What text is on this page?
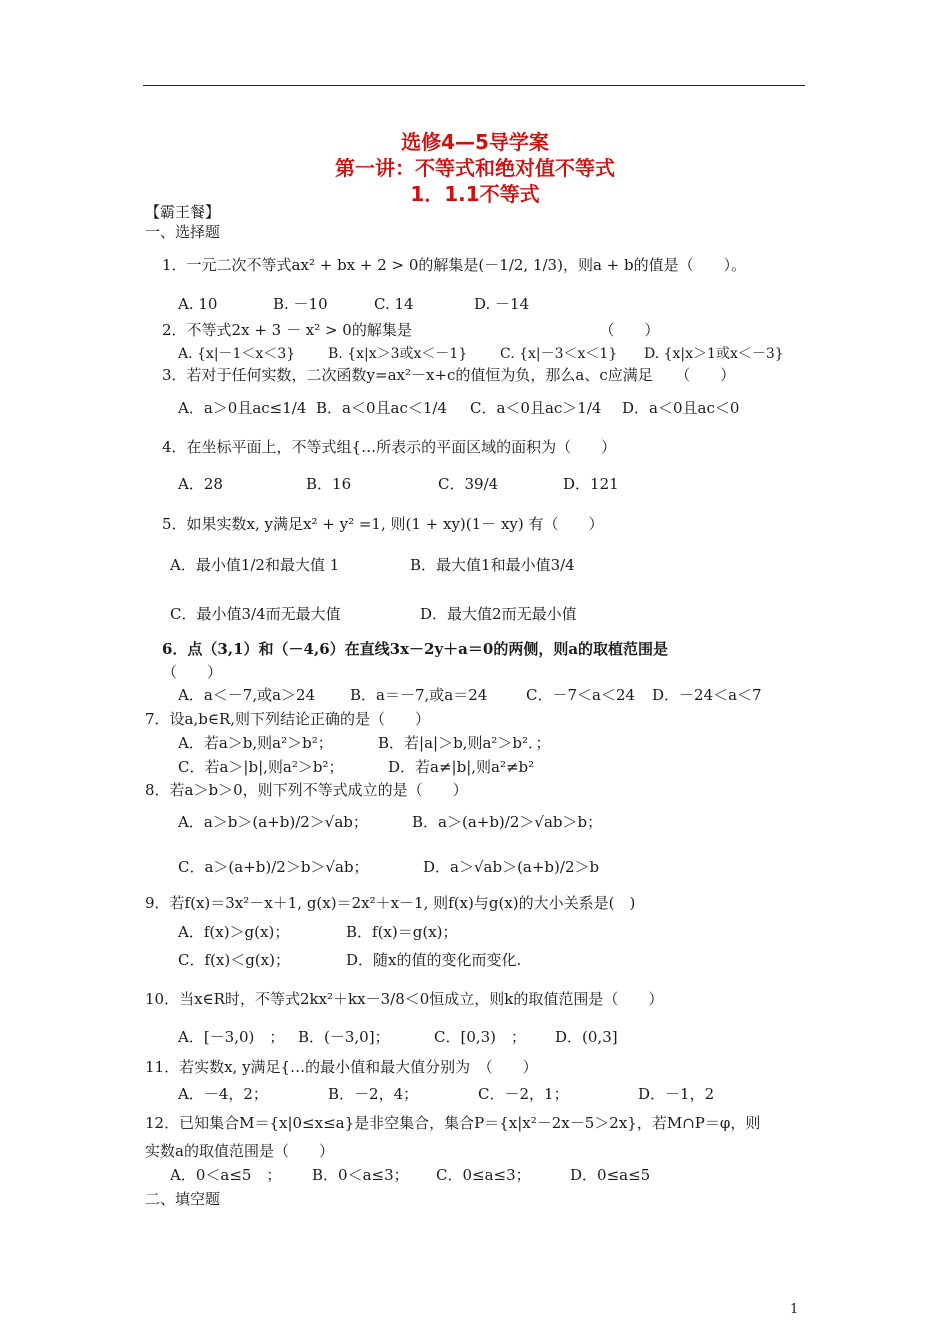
选修4—5导学案
第一讲：不等式和绝对值不等式
1．1.1不等式
【霸王餐】
一、选择题
1．一元二次不等式ax² + bx + 2 > 0的解集是(－1/2, 1/3)，则a + b的值是（　　）。
A. 10	B. －10	C. 14	D. －14
2．不等式2x + 3 － x² > 0的解集是　　　　　　　　　　　　　（　　）
A. {x|－1＜x＜3} B. {x|x＞3或x＜－1} C. {x|－3＜x＜1} D. {x|x＞1或x＜－3}
3．若对于任何实数，二次函数y=ax²－x+c的值恒为负，那么a、c应满足　　（　　）
A．a＞0且ac≤1/4 B．a＜0且ac＜1/4 C．a＜0且ac＞1/4 D．a＜0且ac＜0
4．在坐标平面上，不等式组{…所表示的平面区域的面积为（　　）
A．28	B．16	C．39/4	D．121
5．如果实数x, y满足x² + y² =1, 则(1 + xy)(1－ xy) 有（　　）
A．最小值1/2和最大值 1	B．最大值1和最小值3/4
C．最小值3/4而无最大值	D．最大值2而无最小值
6．点（3,1）和（－4,6）在直线3x－2y＋a＝0的两侧，则a的取植范围是
（　　）
A．a＜－7,或a＞24 B．a＝－7,或a＝24	C．－7＜a＜24 D．－24＜a＜7
7．设a,b∈R,则下列结论正确的是（　　）
A．若a＞b,则a²＞b²；	B．若|a|＞b,则a²＞b²．；
C．若a＞|b|,则a²＞b²；	D．若a≠|b|,则a²≠b²
8．若a＞b＞0，则下列不等式成立的是（　　）
A．a＞b＞(a+b)/2＞√ab；	B．a＞(a+b)/2＞√ab＞b；
C．a＞(a+b)/2＞b＞√ab；	D．a＞√ab＞(a+b)/2＞b
9．若f(x)＝3x²－x＋1, g(x)＝2x²＋x－1, 则f(x)与g(x)的大小关系是(　)
A．f(x)＞g(x)；	B．f(x)＝g(x)；
C．f(x)＜g(x)；	D．随x的值的变化而变化.
10．当x∈R时，不等式2kx²＋kx－3/8＜0恒成立，则k的取值范围是（　　）
A．[－3,0)　； B．(－3,0]；	C．[0,3)　； D．(0,3]
11．若实数x, y满足{…的最小值和最大值分别为　（　　）
A．－4，2；	B．－2，4；	C．－2，1；	D．－1，2
12．已知集合M＝{x|0≤x≤a}是非空集合，集合P＝{x|x²－2x－5＞2x}，若M∩P＝φ，则
实数a的取值范围是（　　）
A．0＜a≤5　； B．0＜a≤3； C．0≤a≤3；	D．0≤a≤5
二、填空题
1
